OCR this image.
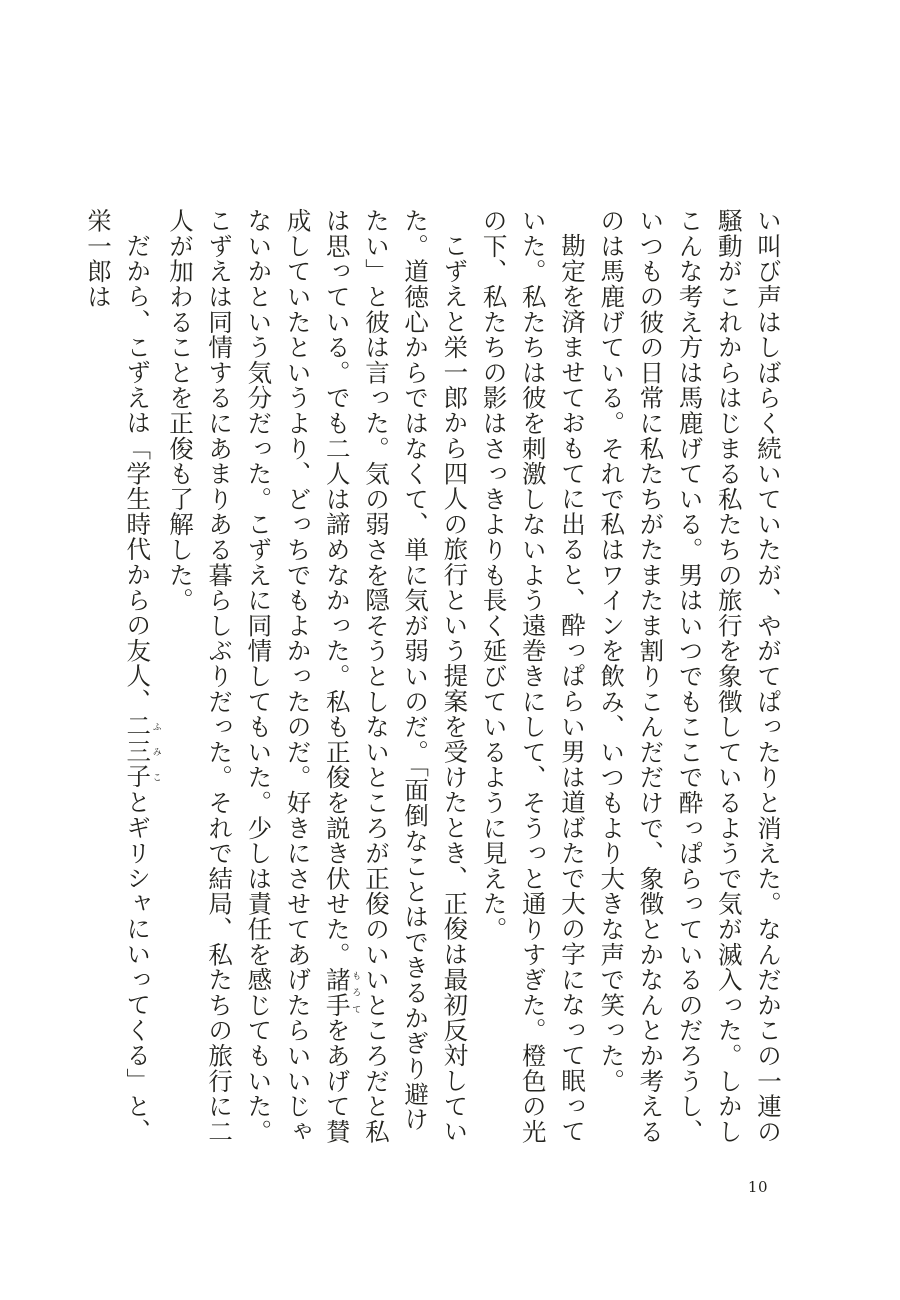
い叫び声はしばらく続いていたが、やがてぱったりと消えた。なんだかこの一連の騒動がこれからはじまる私たちの旅行を象徴しているようで気が滅入った。しかしこんな考え方は馬鹿げている。男はいつでもここで酔っぱらっているのだろうし、いつもの彼の日常に私たちがたまたま割りこんだだけで、象徴とかなんとか考えるのは馬鹿げている。それで私はワインを飲み、いつもより大きな声で笑った。

勘定を済ませておもてに出ると、酔っぱらい男は道ばたで大の字になって眠っていた。私たちは彼を刺激しないよう遠巻きにして、そうっと通りすぎた。橙色の光の下、私たちの影はさっきよりも長く延びているように見えた。

こずえと栄一郎から四人の旅行という提案を受けたとき、正俊は最初反対していた。道徳心からではなくて、単に気が弱いのだ。「面倒なことはできるかぎり避けたい」と彼は言った。気の弱さを隠そうとしないところが正俊のいいところだと私は思っている。でも二人は諦めなかった。私も正俊を説き伏せた。諸手もろてをあげて賛成していたというより、どっちでもよかったのだ。好きにさせてあげたらいいじゃないかという気分だった。こずえに同情してもいた。少しは責任を感じてもいた。こずえは同情するにあまりある暮らしぶりだった。それで結局、私たちの旅行に二人が加わることを正俊も了解した。

だから、こずえは「学生時代からの友人、二三子ふみことギリシャにいってくる」と、栄一郎は

10
